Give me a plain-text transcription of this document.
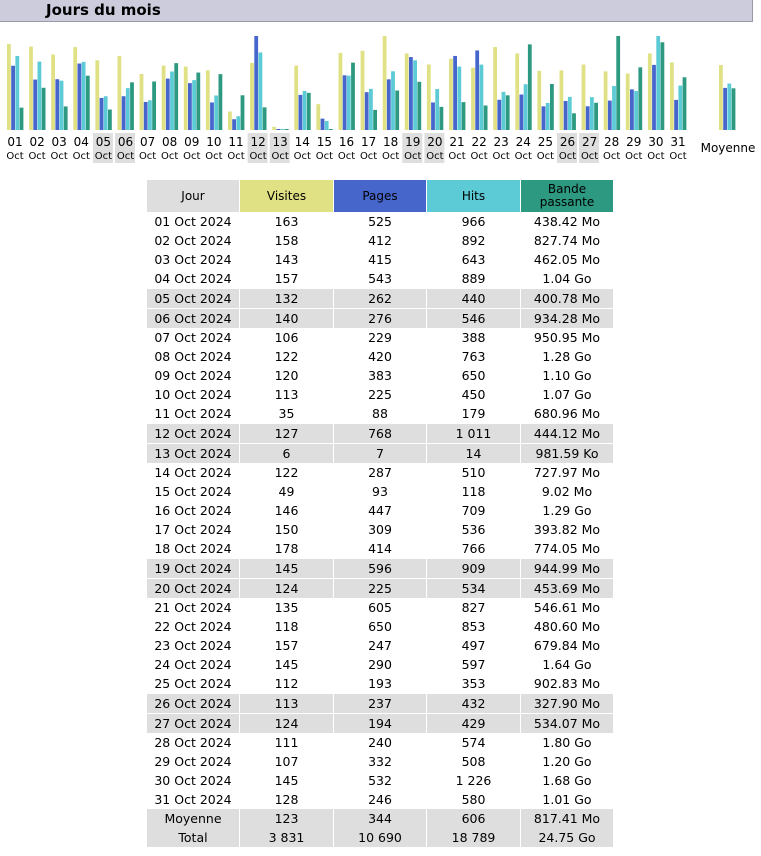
Jours du mois
01
Oct
02
Oct
03
Oct
04
Oct
05
Oct
06
Oct
07
Oct
08
Oct
09
Oct
10
Oct
11
Oct
12
Oct
13
Oct
14
Oct
15
Oct
16
Oct
17
Oct
18
Oct
19
Oct
20
Oct
21
Oct
22
Oct
23
Oct
24
Oct
25
Oct
26
Oct
27
Oct
28
Oct
29
Oct
30
Oct
31
Oct
Moyenne
Jour	Visites	Pages	Hits	Bande passante
01 Oct 2024	163	525	966	438.42 Mo
02 Oct 2024	158	412	892	827.74 Mo
03 Oct 2024	143	415	643	462.05 Mo
04 Oct 2024	157	543	889	1.04 Go
05 Oct 2024	132	262	440	400.78 Mo
06 Oct 2024	140	276	546	934.28 Mo
07 Oct 2024	106	229	388	950.95 Mo
08 Oct 2024	122	420	763	1.28 Go
09 Oct 2024	120	383	650	1.10 Go
10 Oct 2024	113	225	450	1.07 Go
11 Oct 2024	35	88	179	680.96 Mo
12 Oct 2024	127	768	1 011	444.12 Mo
13 Oct 2024	6	7	14	981.59 Ko
14 Oct 2024	122	287	510	727.97 Mo
15 Oct 2024	49	93	118	9.02 Mo
16 Oct 2024	146	447	709	1.29 Go
17 Oct 2024	150	309	536	393.82 Mo
18 Oct 2024	178	414	766	774.05 Mo
19 Oct 2024	145	596	909	944.99 Mo
20 Oct 2024	124	225	534	453.69 Mo
21 Oct 2024	135	605	827	546.61 Mo
22 Oct 2024	118	650	853	480.60 Mo
23 Oct 2024	157	247	497	679.84 Mo
24 Oct 2024	145	290	597	1.64 Go
25 Oct 2024	112	193	353	902.83 Mo
26 Oct 2024	113	237	432	327.90 Mo
27 Oct 2024	124	194	429	534.07 Mo
28 Oct 2024	111	240	574	1.80 Go
29 Oct 2024	107	332	508	1.20 Go
30 Oct 2024	145	532	1 226	1.68 Go
31 Oct 2024	128	246	580	1.01 Go
Moyenne	123	344	606	817.41 Mo
Total	3 831	10 690	18 789	24.75 Go
